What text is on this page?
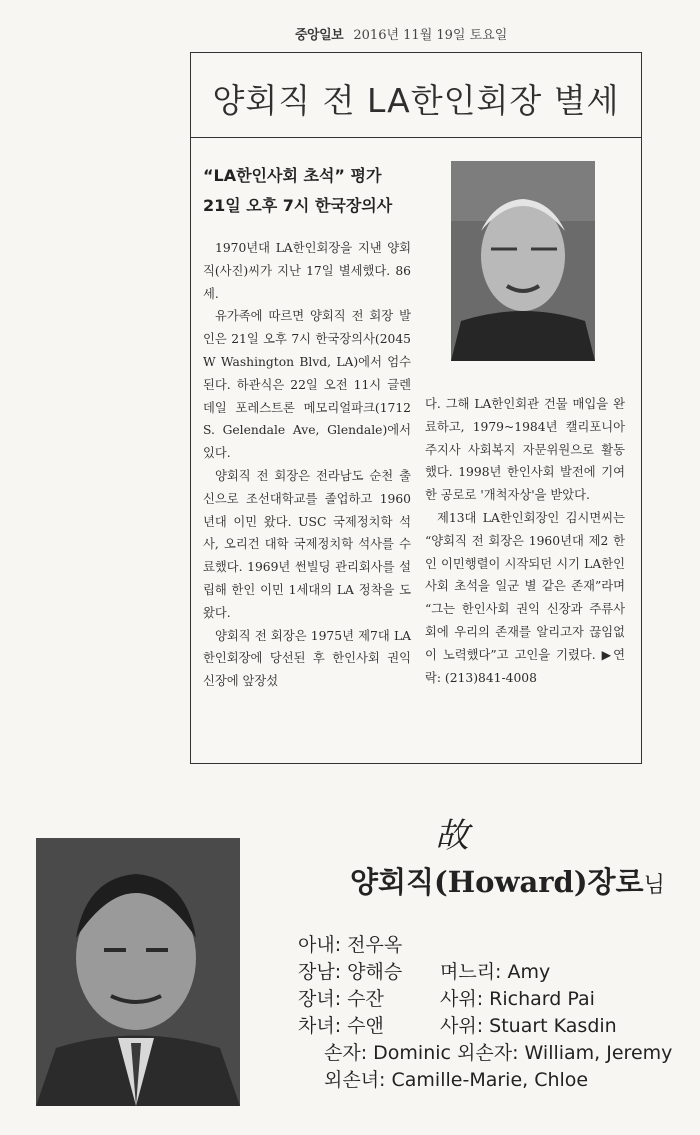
중앙일보 2016년 11월 19일 토요일
양회직 전 LA한인회장 별세
“LA한인사회 초석” 평가
21일 오후 7시 한국장의사

1970년대 LA한인회장을 지낸 양회직(사진)씨가 지난 17일 별세했다. 86세.

유가족에 따르면 양회직 전 회장 발인은 21일 오후 7시 한국장의사(2045 W Washington Blvd, LA)에서 엄수된다. 하관식은 22일 오전 11시 글렌데일 포레스트론 메모리얼파크(1712 S. Gelendale Ave, Glendale)에서 있다.

양회직 전 회장은 전라남도 순천 출신으로 조선대학교를 졸업하고 1960년대 이민 왔다. USC 국제정치학 석사, 오리건 대학 국제정치학 석사를 수료했다. 1969년 썬빌딩 관리회사를 설립해 한인 이민 1세대의 LA 정착을 도왔다.

양회직 전 회장은 1975년 제7대 LA한인회장에 당선된 후 한인사회 권익 신장에 앞장섰

다. 그해 LA한인회관 건물 매입을 완료하고, 1979~1984년 캘리포니아 주지사 사회복지 자문위원으로 활동했다. 1998년 한인사회 발전에 기여한 공로로 '개척자상'을 받았다.

제13대 LA한인회장인 김시면씨는 “양회직 전 회장은 1960년대 제2 한인 이민행렬이 시작되던 시기 LA한인사회 초석을 일군 별 같은 존재”라며 “그는 한인사회 권익 신장과 주류사회에 우리의 존재를 알리고자 끊임없이 노력했다”고 고인을 기렸다. ▶연락: (213)841-4008

故
양회직(Howard)장로님
아내: 전우옥
장남: 양해승 며느리: Amy
장녀: 수잔	사위: Richard Pai
차녀: 수앤	사위: Stuart Kasdin
손자: Dominic 외손자: William, Jeremy
외손녀: Camille-Marie, Chloe
